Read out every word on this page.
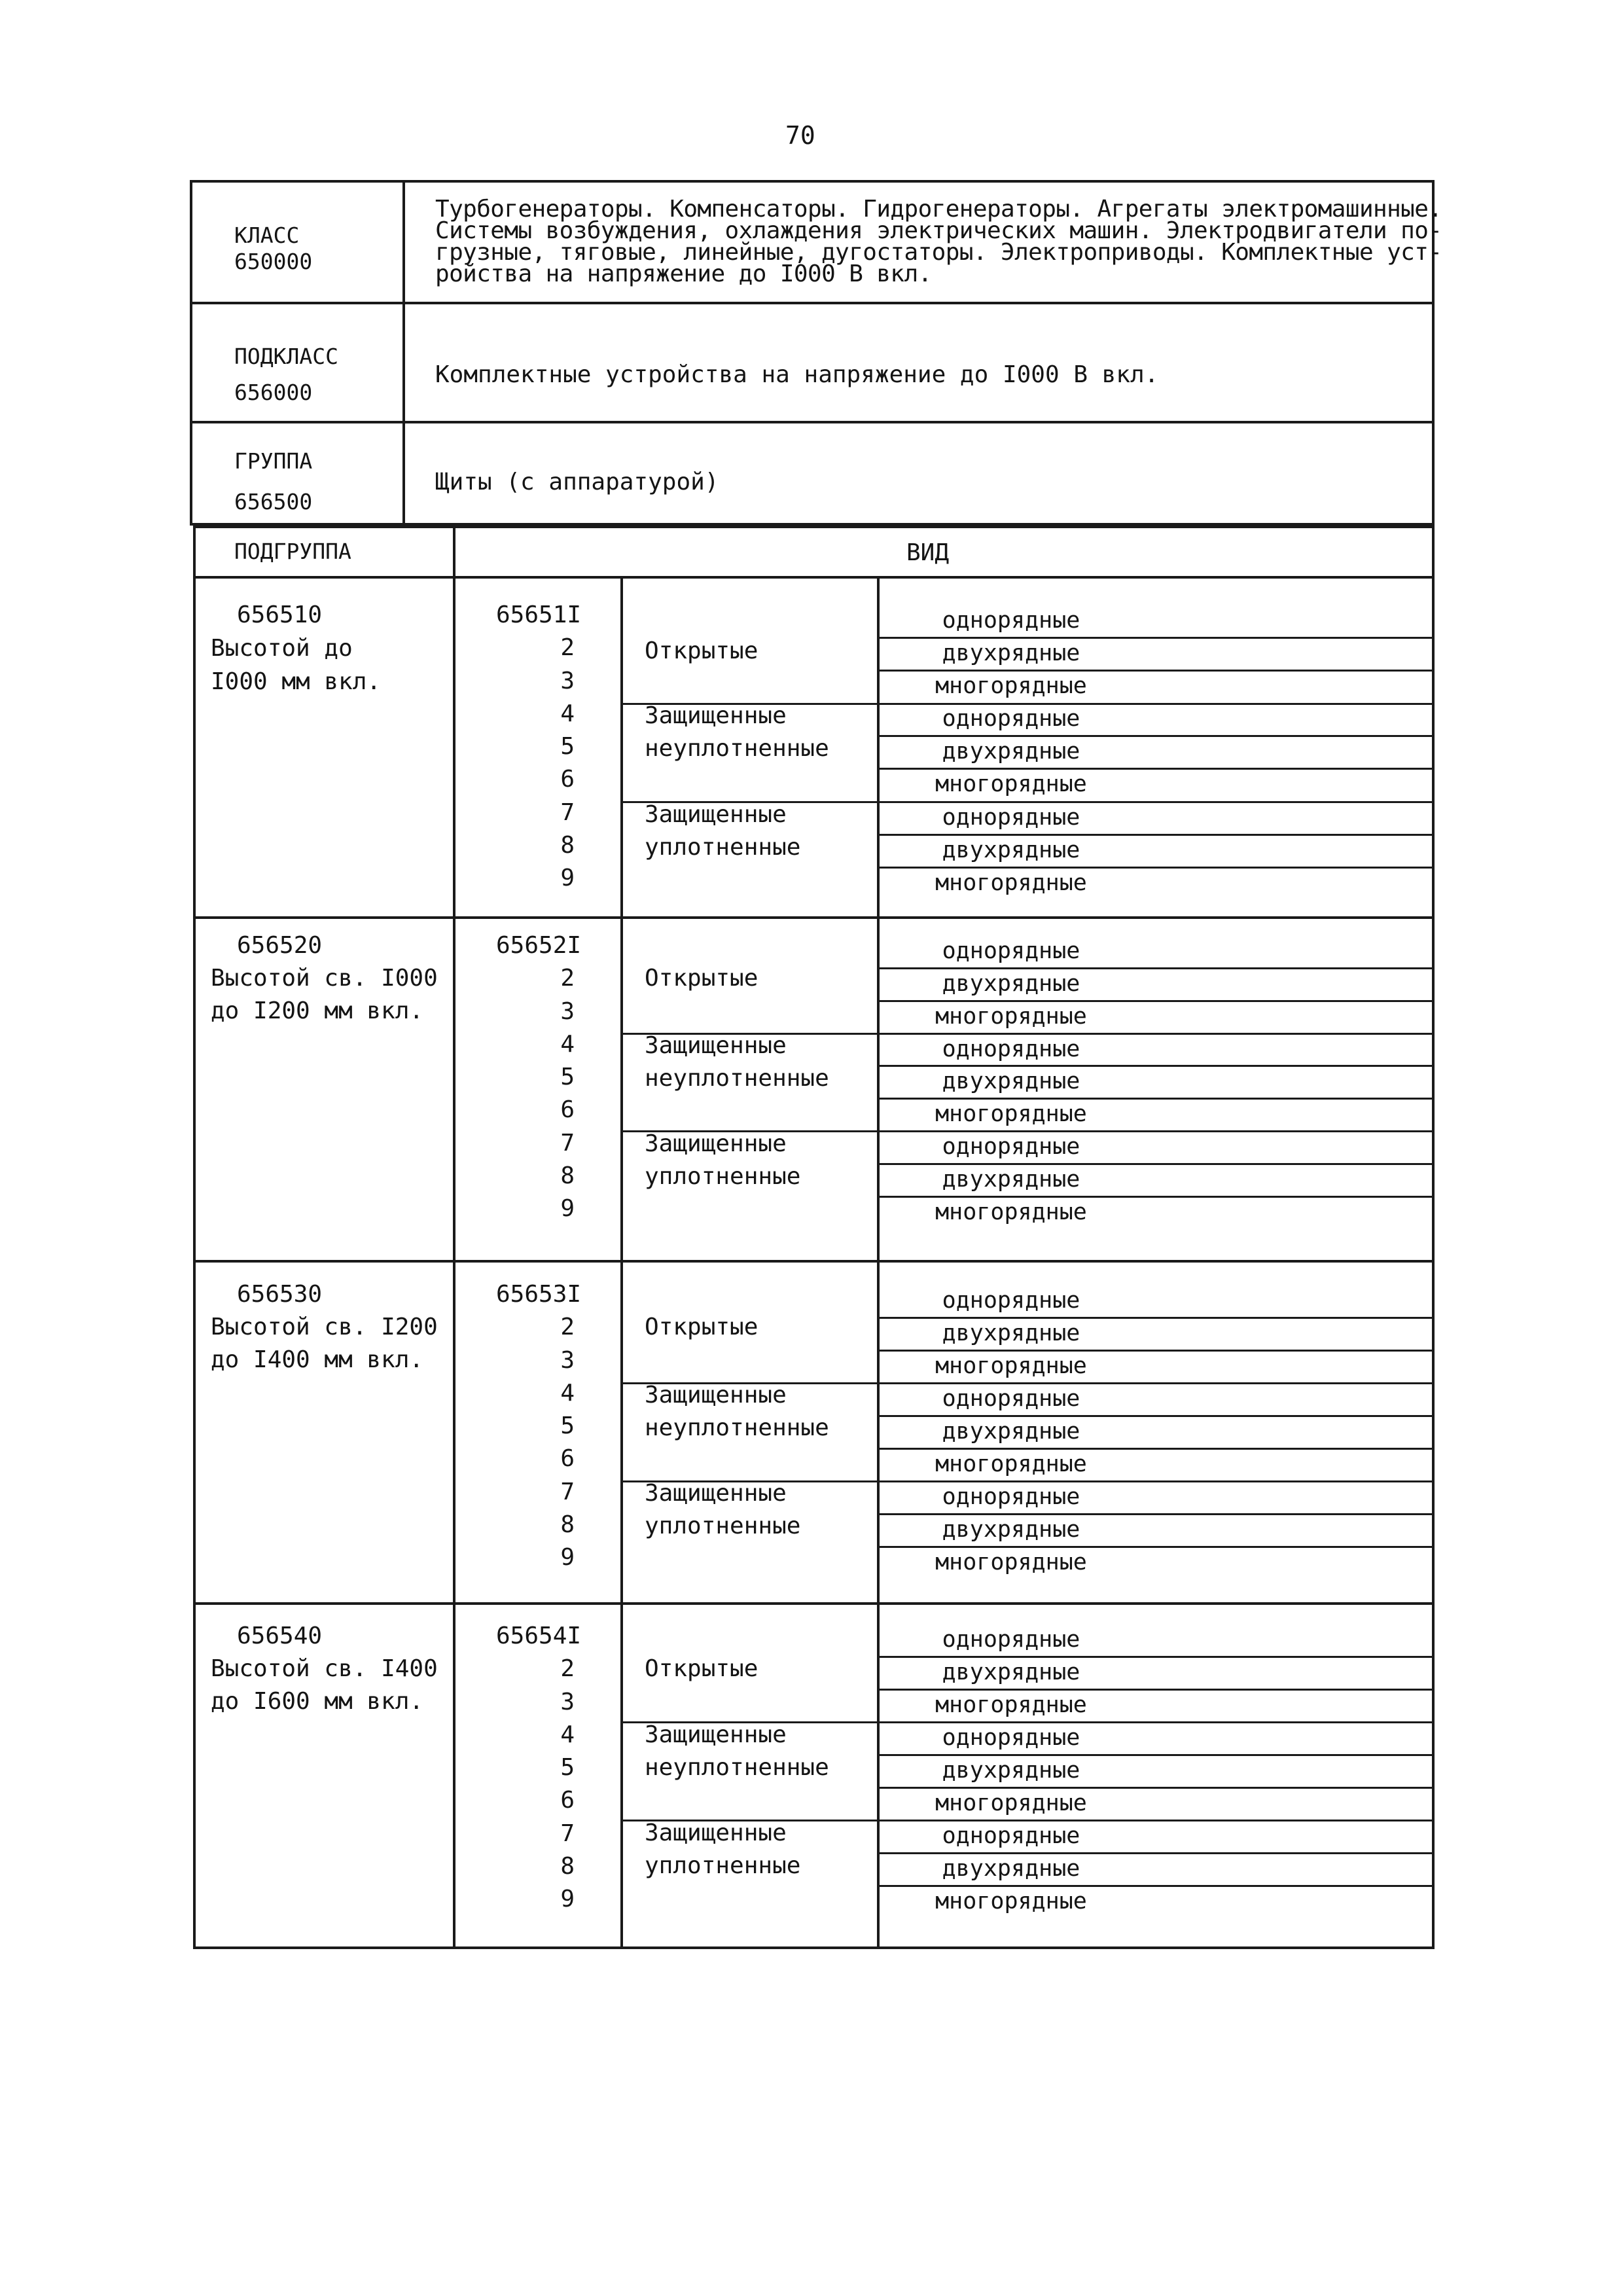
70
КЛАСС
650000
Турбогенераторы. Компенсаторы. Гидрогенераторы. Агрегаты электромашинные.
Системы возбуждения, охлаждения электрических машин. Электродвигатели по-
грузные, тяговые, линейные, дугостаторы. Электроприводы. Комплектные уст-
ройства на напряжение до I000 В вкл.
ПОДКЛАСС
656000
Комплектные устройства на напряжение до I000 В вкл.
ГРУППА
656500
Щиты (с аппаратурой)
ПОДГРУППА	ВИД
656510
Высотой до
I000 мм вкл.
65651I
2
3
4
5
6
7
8
9
Открытые
Защищенные
неуплотненные
Защищенные
уплотненные
однорядные
двухрядные
многорядные
однорядные
двухрядные
многорядные
однорядные
двухрядные
многорядные
656520
Высотой св. I000
до I200 мм вкл.
65652I
2
3
4
5
6
7
8
9
Открытые
Защищенные
неуплотненные
Защищенные
уплотненные
однорядные
двухрядные
многорядные
однорядные
двухрядные
многорядные
однорядные
двухрядные
многорядные
656530
Высотой св. I200
до I400 мм вкл.
65653I
2
3
4
5
6
7
8
9
Открытые
Защищенные
неуплотненные
Защищенные
уплотненные
однорядные
двухрядные
многорядные
однорядные
двухрядные
многорядные
однорядные
двухрядные
многорядные
656540
Высотой св. I400
до I600 мм вкл.
65654I
2
3
4
5
6
7
8
9
Открытые
Защищенные
неуплотненные
Защищенные
уплотненные
однорядные
двухрядные
многорядные
однорядные
двухрядные
многорядные
однорядные
двухрядные
многорядные
